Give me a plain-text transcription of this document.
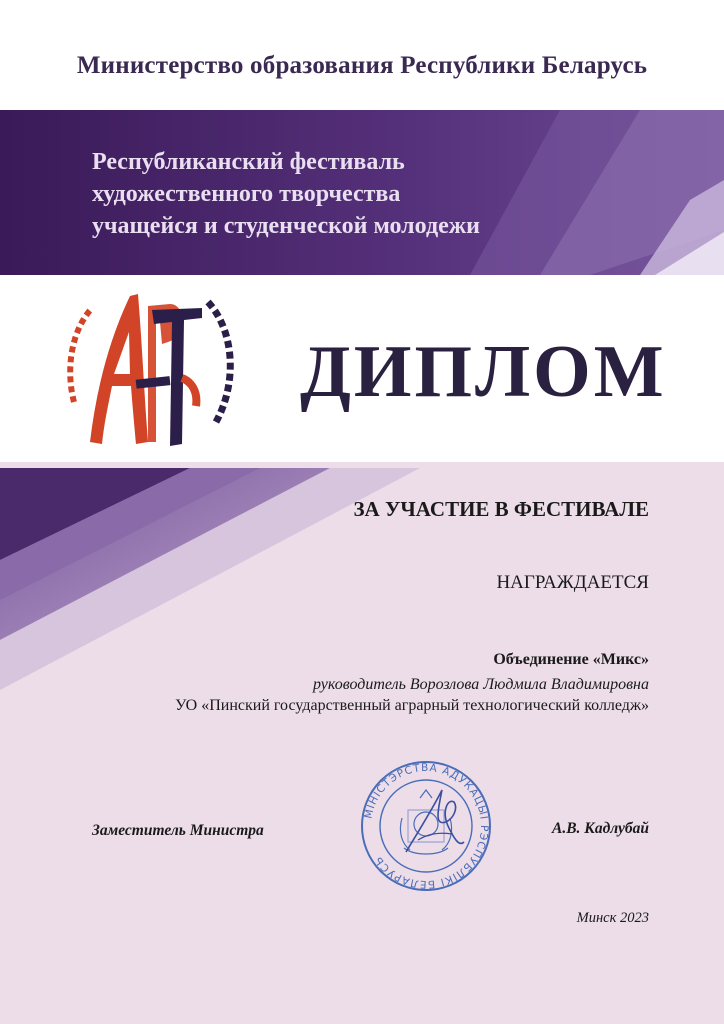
Министерство образования Республики Беларусь
Республиканский фестиваль
художественного творчества
учащейся и студенческой молодежи
ДИПЛОМ
ЗА УЧАСТИЕ В ФЕСТИВАЛЕ
НАГРАЖДАЕТСЯ
Объединение «Микс»
руководитель Ворозлова Людмила Владимировна
УО «Пинский государственный аграрный технологический колледж»
МІНІСТЭРСТВА АДУКАЦЫІ РЭСПУБЛІКІ БЕЛАРУСЬ
Заместитель Министра	А.В. Кадлубай
Минск 2023
